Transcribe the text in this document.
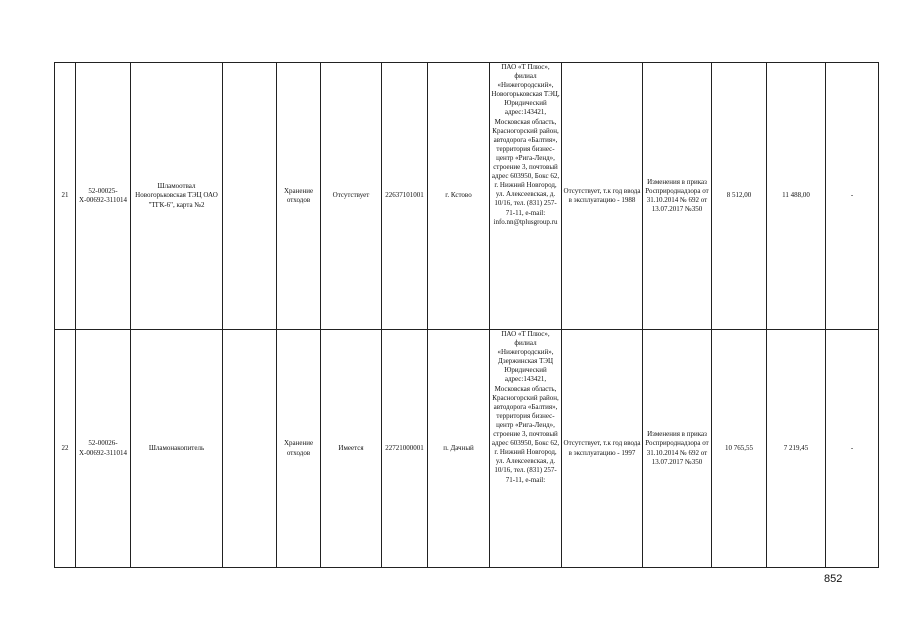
21	52-00025-Х-00692-311014	Шламоотвал Новогорьковская ТЭЦ ОАО "ТГК-6", карта №2		Хранение отходов	Отсутствует	22637101001	г. Кстово	ПАО «Т Плюс», филиал «Нижегородский», Новогорьковская ТЭЦ, Юридический адрес:143421, Московская область, Красногорский район, автодорога «Балтия», территория бизнес-центр «Рига-Ленд», строение 3, почтовый адрес 603950, Бокс 62, г. Нижний Новгород, ул. Алексеевская, д. 10/16, тел. (831) 257-71-11, e-mail: info.nn@tplusgroup.ru	Отсутствует, т.к год ввода в эксплуатацию - 1988	Изменения в приказ Росприроднадзора от 31.10.2014 № 692 от 13.07.2017 №350	8 512,00	11 488,00	-
22	52-00026-Х-00692-311014	Шламонакопитель		Хранение отходов	Имеется	22721000001	п. Дачный	ПАО «Т Плюс», филиал «Нижегородский», Дзержинская ТЭЦ Юридический адрес:143421, Московская область, Красногорский район, автодорога «Балтия», территория бизнес-центр «Рига-Ленд», строение 3, почтовый адрес 603950, Бокс 62, г. Нижний Новгород, ул. Алексеевская, д. 10/16, тел. (831) 257-71-11, e-mail:	Отсутствует, т.к год ввода в эксплуатацию - 1997	Изменения в приказ Росприроднадзора от 31.10.2014 № 692 от 13.07.2017 №350	10 765,55	7 219,45	-
852
